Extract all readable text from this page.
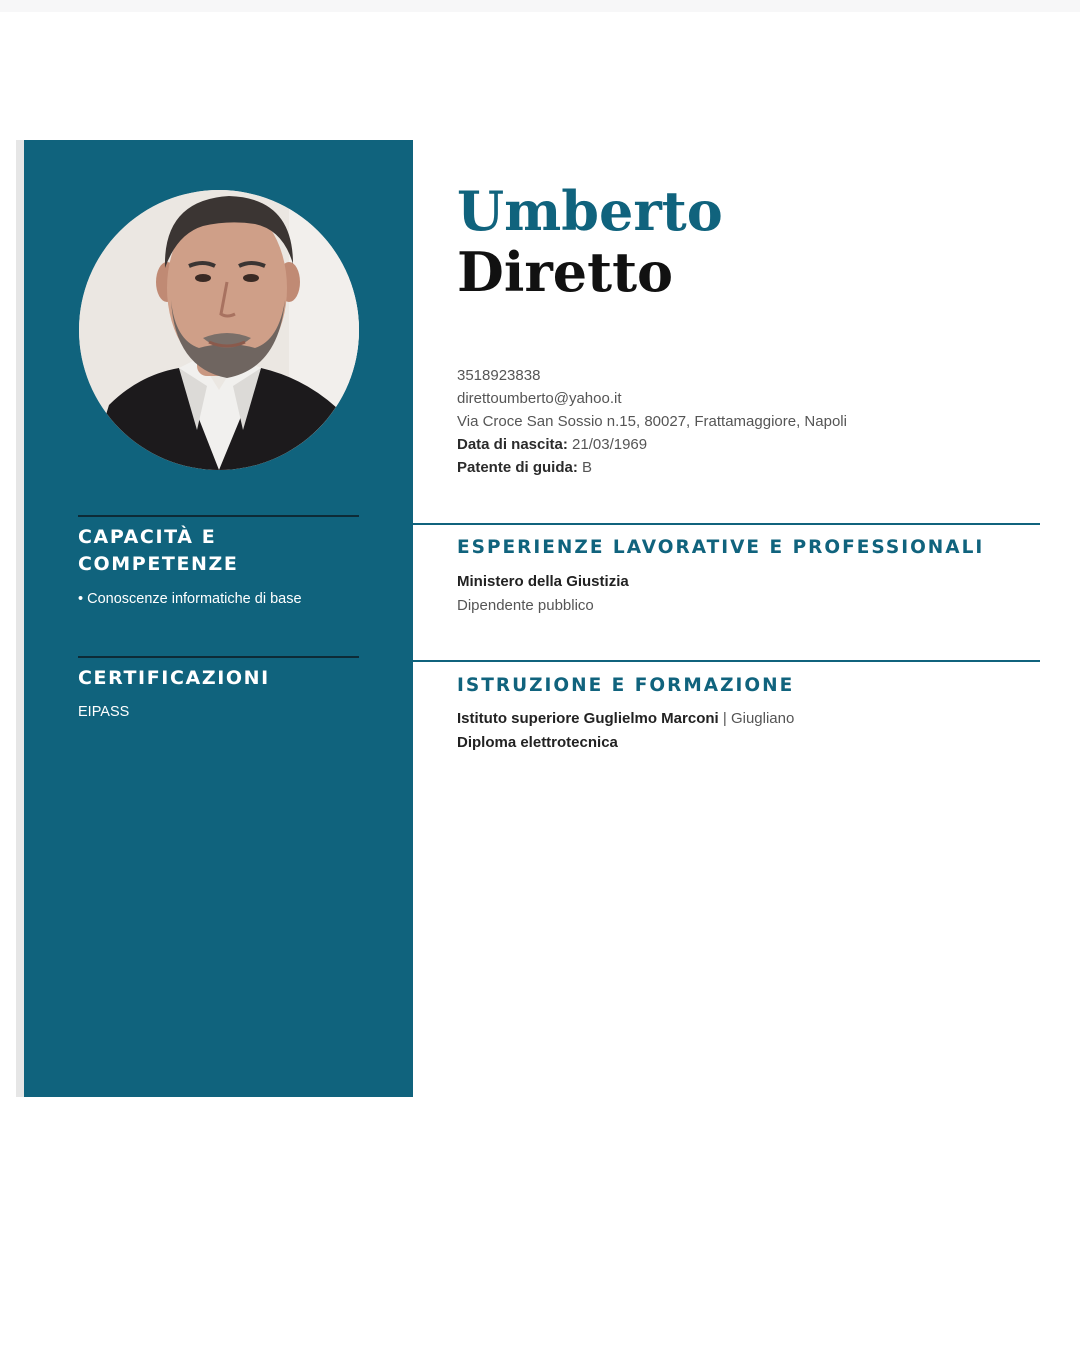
CAPACITÀ E
COMPETENZE
• Conoscenze informatiche di base
CERTIFICAZIONI
EIPASS
Umberto
Diretto
3518923838
direttoumberto@yahoo.it
Via Croce San Sossio n.15, 80027, Frattamaggiore, Napoli
Data di nascita: 21/03/1969
Patente di guida: B
ESPERIENZE LAVORATIVE E PROFESSIONALI
Ministero della Giustizia
Dipendente pubblico
ISTRUZIONE E FORMAZIONE
Istituto superiore Guglielmo Marconi | Giugliano
Diploma elettrotecnica
